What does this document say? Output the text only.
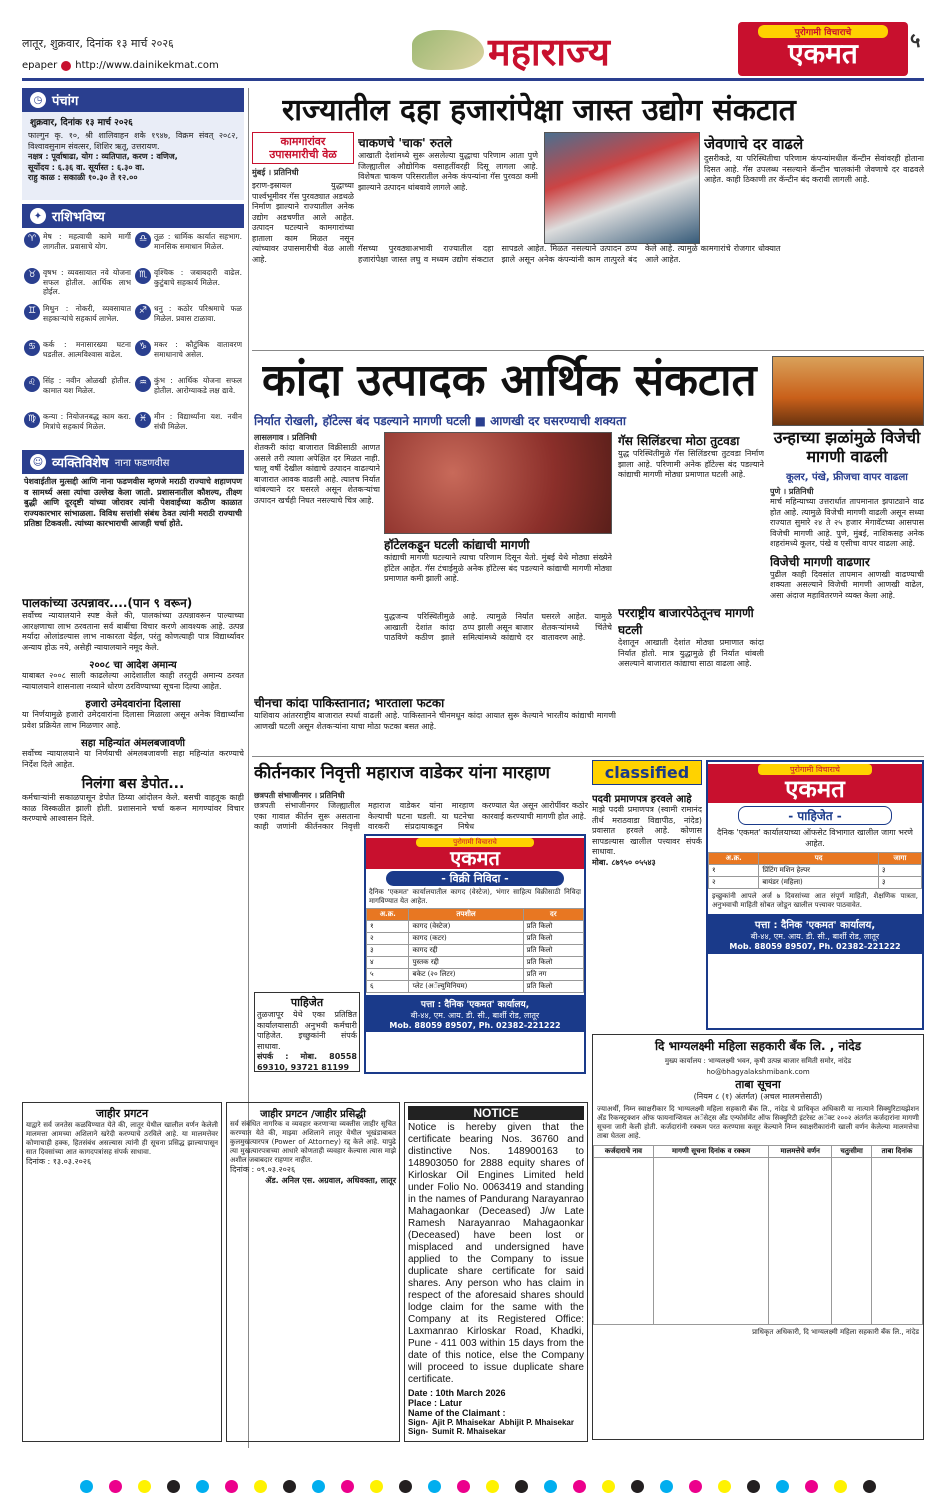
लातूर, शुक्रवार, दिनांक १३ मार्च २०२६
epaper http://www.dainikekmat.com	महाराज्य	पुरोगामी विचाराचे
एकमत	५
◷ पंचांग
शुक्रवार, दिनांक १३ मार्च २०२६
फाल्गुन कृ. १०, श्री शालिवाहन शके १९४७, विक्रम संवत् २०८२, विश्वावसुनाम संवत्सर, शिशिर ऋतू, उत्तरायण.
नक्षत्र : पूर्वाषाढा, योग : व्यतिपात, करण : वणिज,
सूर्योदय : ६.३६ वा. सूर्यास्त : ६.३० वा.
राहु काळ : सकाळी १०.३० ते १२.००
✦ राशिभविष्य
♈ मेष : महत्वाची कामे मार्गी लागतील. प्रवासाचे योग.
♎ तूळ : धार्मिक कार्यात सहभाग. मानसिक समाधान मिळेल.
♉ वृषभ : व्यवसायात नवे योजना सफल होतील. आर्थिक लाभ होईल.
♏ वृश्चिक : जबाबदारी वाढेल. कुटुंबाचे सहकार्य मिळेल.
♊ मिथुन : नोकरी, व्यवसायात सहकाऱ्यांचे सहकार्य लाभेल.
♐ धनु : कठोर परिश्रमाचे फळ मिळेल. प्रवास टाळावा.
♋ कर्क : मनासारख्या घटना घडतील. आत्मविश्वास वाढेल.
♑ मकर : कौटुंबिक वातावरण समाधानाचे असेल.
♌ सिंह : नवीन ओळखी होतील. कामात यश मिळेल.
♒ कुंभ : आर्थिक योजना सफल होतील. आरोग्याकडे लक्ष द्यावे.
♍ कन्या : नियोजनबद्ध काम करा. मित्रांचे सहकार्य मिळेल.
♓ मीन : विद्यार्थ्यांना यश. नवीन संधी मिळेल.
☺ व्यक्तिविशेष नाना फडणवीस
पेशवाईतील मुत्सद्दी आणि नाना फडणवीस म्हणजे मराठी राज्याचे शहाणपण व सामर्थ्य असा त्यांचा उल्लेख केला जातो. प्रशासनातील कौशल्य, तीक्ष्ण बुद्धी आणि दूरदृष्टी यांच्या जोरावर त्यांनी पेशवाईच्या कठीण काळात राज्यकारभार सांभाळला. विविध सत्तांशी संबंध ठेवत त्यांनी मराठी राज्याची प्रतिष्ठा टिकवली. त्यांच्या कारभाराची आजही चर्चा होते.
पालकांच्या उत्पन्नावर....(पान ९ वरून)
सर्वोच्च न्यायालयाने स्पष्ट केले की, पालकांच्या उत्पन्नावरून पाल्याच्या आरक्षणाचा लाभ ठरवताना सर्व बाबींचा विचार करणे आवश्यक आहे. उत्पन्न मर्यादा ओलांडल्यास लाभ नाकारता येईल, परंतु कोणत्याही पात्र विद्यार्थ्यावर अन्याय होऊ नये, असेही न्यायालयाने नमूद केले.
२००८ चा आदेश अमान्य
याबाबत २००८ साली काढलेल्या आदेशातील काही तरतुदी अमान्य ठरवत न्यायालयाने शासनाला नव्याने धोरण ठरविण्याच्या सूचना दिल्या आहेत.
हजारो उमेदवारांना दिलासा
या निर्णयामुळे हजारो उमेदवारांना दिलासा मिळाला असून अनेक विद्यार्थ्यांना प्रवेश प्रक्रियेत लाभ मिळणार आहे.
सहा महिन्यांत अंमलबजावणी
सर्वोच्च न्यायालयाने या निर्णयाची अंमलबजावणी सहा महिन्यांत करण्याचे निर्देश दिले आहेत.
निलंगा बस डेपोत...
कर्मचाऱ्यांनी सकाळपासून डेपोत ठिय्या आंदोलन केले. बसची वाहतूक काही काळ विस्कळीत झाली होती. प्रशासनाने चर्चा करून मागण्यांवर विचार करण्याचे आश्वासन दिले.
राज्यातील दहा हजारांपेक्षा जास्त उद्योग संकटात
कामगारांवर उपासमारीची वेळ
मुंबई । प्रतिनिधी
इराण-इस्रायल युद्धाच्या पार्श्वभूमीवर गॅस पुरवठ्यात अडथळे निर्माण झाल्याने राज्यातील अनेक उद्योग अडचणीत आले आहेत. उत्पादन घटल्याने कामगारांच्या हाताला काम मिळत नसून त्यांच्यावर उपासमारीची वेळ आली आहे.
चाकणचे 'चाक' रुतले
आखाती देशांमध्ये सुरू असलेल्या युद्धाचा परिणाम आता पुणे जिल्ह्यातील औद्योगिक वसाहतींवरही दिसू लागला आहे. विशेषतः चाकण परिसरातील अनेक कंपन्यांना गॅस पुरवठा कमी झाल्याने उत्पादन थांबवावे लागले आहे.
गॅसच्या पुरवठ्याअभावी राज्यातील दहा हजारांपेक्षा जास्त लघु व मध्यम उद्योग संकटात सापडले आहेत. मिळत नसल्याने उत्पादन ठप्प झाले असून अनेक कंपन्यांनी काम तात्पुरते बंद केले आहे. त्यामुळे कामगारांचे रोजगार धोक्यात आले आहेत.
जेवणाचे दर वाढले
दुसरीकडे, या परिस्थितीचा परिणाम कंपन्यांमधील कॅन्टीन सेवांवरही होताना दिसत आहे. गॅस उपलब्ध नसल्याने कॅन्टीन चालकांनी जेवणाचे दर वाढवले आहेत. काही ठिकाणी तर कॅन्टीन बंद करावी लागली आहे.
कांदा उत्पादक आर्थिक संकटात
निर्यात रोखली, हॉटेल्स बंद पडल्याने मागणी घटली ■ आणखी दर घसरण्याची शक्यता
लासलगाव । प्रतिनिधी
शेतकरी कांदा बाजारात विक्रीसाठी आणत असले तरी त्याला अपेक्षित दर मिळत नाही. चालू वर्षी देखील कांद्याचे उत्पादन वाढल्याने बाजारात आवक वाढली आहे. त्यातच निर्यात थांबल्याने दर घसरले असून शेतकऱ्यांचा उत्पादन खर्चही निघत नसल्याचे चित्र आहे.
हॉटेलकडून घटली कांद्याची मागणी
कांद्याची मागणी घटल्याने त्याचा परिणाम दिसून येतो. मुंबई येथे मोठ्या संख्येने हॉटेल आहेत. गॅस टंचाईमुळे अनेक हॉटेल्स बंद पडल्याने कांद्याची मागणी मोठ्या प्रमाणात कमी झाली आहे.
युद्धजन्य परिस्थितीमुळे आखाती देशांत कांदा पाठविणे कठीण झाले आहे. त्यामुळे निर्यात ठप्प झाली असून बाजार समित्यांमध्ये कांद्याचे दर घसरले आहेत. यामुळे शेतकऱ्यांमध्ये चिंतेचे वातावरण आहे.
गॅस सिलिंडरचा मोठा तुटवडा
युद्ध परिस्थितीमुळे गॅस सिलिंडरचा तुटवडा निर्माण झाला आहे. परिणामी अनेक हॉटेल्स बंद पडल्याने कांद्याची मागणी मोठ्या प्रमाणात घटली आहे.
परराष्ट्रीय बाजारपेठेतूनच मागणी घटली
देशातून आखाती देशांत मोठ्या प्रमाणात कांदा निर्यात होतो. मात्र युद्धामुळे ही निर्यात थांबली असल्याने बाजारात कांद्याचा साठा वाढला आहे.
चीनचा कांदा पाकिस्तानात; भारताला फटका
याशिवाय आंतरराष्ट्रीय बाजारात स्पर्धा वाढली आहे. पाकिस्तानने चीनमधून कांदा आयात सुरू केल्याने भारतीय कांद्याची मागणी आणखी घटली असून शेतकऱ्यांना याचा मोठा फटका बसत आहे.
उन्हाच्या झळांमुळे विजेची मागणी वाढली
कूलर, पंखे, फ्रीजचा वापर वाढला
पुणे । प्रतिनिधी
मार्च महिन्याच्या उत्तरार्धात तापमानात झपाट्याने वाढ होत आहे. त्यामुळे विजेची मागणी वाढली असून सध्या राज्यात सुमारे २४ ते २५ हजार मेगावॅटच्या आसपास विजेची मागणी आहे. पुणे, मुंबई, नाशिकसह अनेक शहरांमध्ये कूलर, पंखे व एसीचा वापर वाढला आहे.
विजेची मागणी वाढणार
पुढील काही दिवसांत तापमान आणखी वाढण्याची शक्यता असल्याने विजेची मागणी आणखी वाढेल, असा अंदाज महावितरणने व्यक्त केला आहे.
कीर्तनकार निवृत्ती महाराज वाडेकर यांना मारहाण
छत्रपती संभाजीनगर । प्रतिनिधी
छत्रपती संभाजीनगर जिल्ह्यातील एका गावात कीर्तन सुरू असताना काही जणांनी कीर्तनकार निवृत्ती महाराज वाडेकर यांना मारहाण केल्याची घटना घडली. या घटनेचा वारकरी संप्रदायाकडून निषेध करण्यात येत असून आरोपींवर कठोर कारवाई करण्याची मागणी होत आहे.
पाहिजेत
तुळजापूर येथे एका प्रतिष्ठित कार्यालयासाठी अनुभवी कर्मचारी पाहिजेत. इच्छुकांनी संपर्क साधावा.
संपर्क : मोबा. 80558 69310, 93721 81199
पुरोगामी विचाराचे
एकमत
- विक्री निविदा -
दैनिक 'एकमत' कार्यालयातील कागद (वेस्टेज), भंगार साहित्य विक्रीसाठी निविदा मागविण्यात येत आहेत.
अ.क्र.	तपशील	दर
१	कागद (वेस्टेज)	प्रति किलो
२	कागद (कटर)	प्रति किलो
३	कागद रद्दी	प्रति किलो
४	पुस्तक रद्दी	प्रति किलो
५	बकेट (२० लिटर)	प्रति नग
६	प्लेट (अॅल्युमिनियम)	प्रति किलो
पत्ता : दैनिक 'एकमत' कार्यालय,
बी-४४, एम. आय. डी. सी., बार्शी रोड, लातूर
Mob. 88059 89507, Ph. 02382-221222
classified
पदवी प्रमाणपत्र हरवले आहे
माझे पदवी प्रमाणपत्र (स्वामी रामानंद तीर्थ मराठवाडा विद्यापीठ, नांदेड) प्रवासात हरवले आहे. कोणास सापडल्यास खालील पत्त्यावर संपर्क साधावा.
मोबा. ८७९५० ०५५४३
पुरोगामी विचाराचे
एकमत
- पाहिजेत -
दैनिक 'एकमत' कार्यालयाच्या ऑफसेट विभागात खालील जागा भरणे आहेत.
अ.क्र.	पद	जागा
१	प्रिंटिंग मशिन हेल्पर	३
२	बायंडर (महिला)	३
इच्छुकांनी आपले अर्ज ७ दिवसांच्या आत संपूर्ण माहिती, शैक्षणिक पात्रता, अनुभवाची माहिती सोबत जोडून खालील पत्त्यावर पाठवावेत.
पत्ता : दैनिक 'एकमत' कार्यालय,
बी-४४, एम. आय. डी. सी., बार्शी रोड, लातूर
Mob. 88059 89507, Ph. 02382-221222
दि भाग्यलक्ष्मी महिला सहकारी बँक लि. , नांदेड
मुख्य कार्यालय : भाग्यलक्ष्मी भवन, कृषी उत्पन्न बाजार समिती समोर, नांदेड
ho@bhagyalakshmibank.com
ताबा सूचना
(नियम ८ (१) अंतर्गत) (अचल मालमत्तेसाठी)
ज्याअर्थी, निम्न स्वाक्षरीकार दि भाग्यलक्ष्मी महिला सहकारी बँक लि., नांदेड चे प्राधिकृत अधिकारी या नात्याने सिक्युरिटायझेशन अँड रिकन्स्ट्रक्शन ऑफ फायनान्शियल अॅसेट्स अँड एन्फोर्समेंट ऑफ सिक्युरिटी इंटरेस्ट अॅक्ट २००२ अंतर्गत कर्जदारांना मागणी सूचना जारी केली होती. कर्जदारांनी रक्कम परत करण्यास कसूर केल्याने निम्न स्वाक्षरीकारांनी खाली वर्णन केलेल्या मालमत्तेचा ताबा घेतला आहे.
कर्जदाराचे नाव	मागणी सूचना दिनांक व रक्कम	मालमत्तेचे वर्णन	चतुःसीमा	ताबा दिनांक

प्राधिकृत अधिकारी, दि भाग्यलक्ष्मी महिला सहकारी बँक लि., नांदेड
जाहीर प्रगटन
याद्वारे सर्व जनतेस कळविण्यात येते की, लातूर येथील खालील वर्णन केलेली मालमत्ता आमच्या अशिलाने खरेदी करण्याचे ठरविले आहे. या मालमत्तेवर कोणाचाही हक्क, हितसंबंध असल्यास त्यांनी ही सूचना प्रसिद्ध झाल्यापासून सात दिवसांच्या आत कागदपत्रांसह संपर्क साधावा.
दिनांक : १३.०३.२०२६
जाहीर प्रगटन /जाहीर प्रसिद्धी
सर्व संबंधित नागरिक व व्यवहार करणाऱ्या व्यक्तीस जाहीर सूचित करण्यात येते की, माझ्या अशिलाने लातूर येथील भूखंडाबाबत कुलमुखत्यारपत्र (Power of Attorney) रद्द केले आहे. यापुढे त्या मुखत्यारपत्राच्या आधारे कोणताही व्यवहार केल्यास त्यास माझे अशील जबाबदार राहणार नाहीत.
दिनांक : ०९.०३.२०२६
ॲड. अनिल एस. अग्रवाल, अधिवक्ता, लातूर
NOTICE
Notice is hereby given that the certificate bearing Nos. 36760 and distinctive Nos. 148900163 to 148903050 for 2888 equity shares of Kirloskar Oil Engines Limited held under Folio No. 0063419 and standing in the names of Pandurang Narayanrao Mahagaonkar (Deceased) J/w Late Ramesh Narayanrao Mahagaonkar (Deceased) have been lost or misplaced and undersigned have applied to the Company to issue duplicate share certificate for said shares. Any person who has claim in respect of the aforesaid shares should lodge claim for the same with the Company at its Registered Office: Laxmanrao Kirloskar Road, Khadki, Pune - 411 003 within 15 days from the date of this notice, else the Company will proceed to issue duplicate share certificate.
Date : 10th March 2026
Place : Latur
Name of the Claimant :
Sign- Ajit P. Mhaisekar Abhijit P. Mhaisekar
Sign- Sumit R. Mhaisekar
